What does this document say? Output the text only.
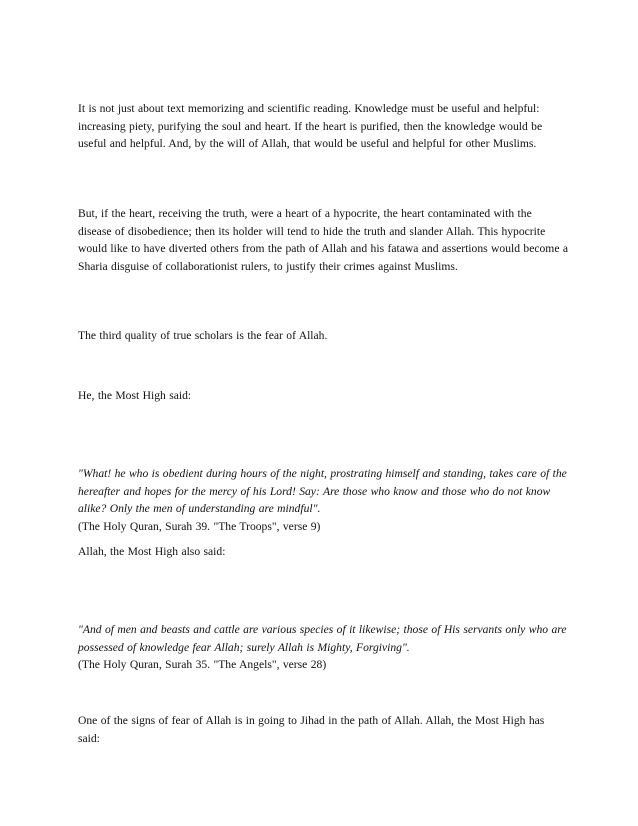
It is not just about text memorizing and scientific reading. Knowledge must be useful and helpful: increasing piety, purifying the soul and heart. If the heart is purified, then the knowledge would be useful and helpful. And, by the will of Allah, that would be useful and helpful for other Muslims.

But, if the heart, receiving the truth, were a heart of a hypocrite, the heart contaminated with the disease of disobedience; then its holder will tend to hide the truth and slander Allah. This hypocrite would like to have diverted others from the path of Allah and his fatawa and assertions would become a Sharia disguise of collaborationist rulers, to justify their crimes against Muslims.

The third quality of true scholars is the fear of Allah.

He, the Most High said:

"What! he who is obedient during hours of the night, prostrating himself and standing, takes care of the hereafter and hopes for the mercy of his Lord! Say: Are those who know and those who do not know alike? Only the men of understanding are mindful".
(The Holy Quran, Surah 39. "The Troops", verse 9)

Allah, the Most High also said:

"And of men and beasts and cattle are various species of it likewise; those of His servants only who are possessed of knowledge fear Allah; surely Allah is Mighty, Forgiving".
(The Holy Quran, Surah 35. "The Angels", verse 28)

One of the signs of fear of Allah is in going to Jihad in the path of Allah. Allah, the Most High has said:
